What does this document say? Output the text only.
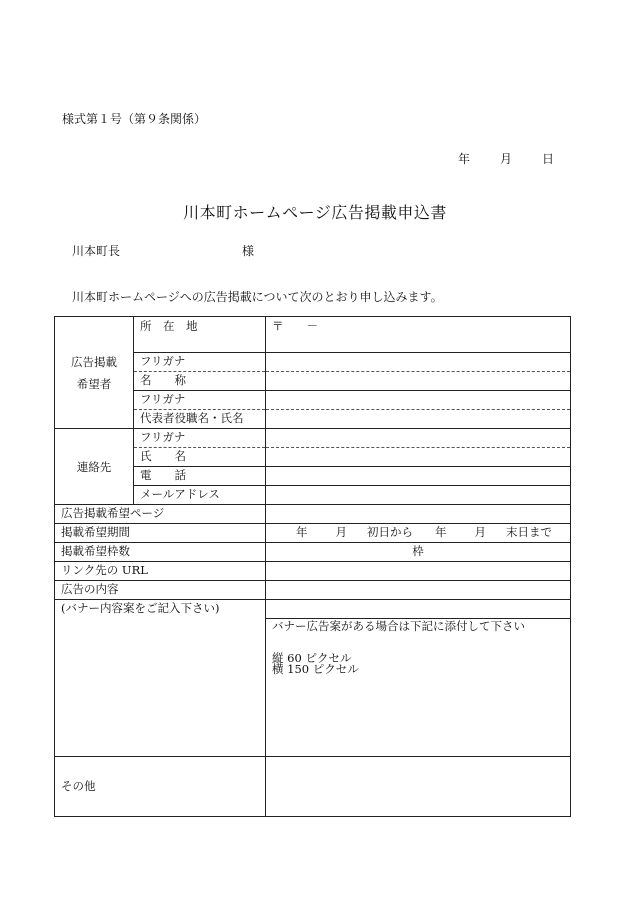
様式第１号（第９条関係）
年	月	日
川本町ホームページ広告掲載申込書
川本町長	様
川本町ホームページへの広告掲載について次のとおり申し込みます。
広告掲載希望者	所　在　地	〒　　－
	フリガナ	
	名　　称	
	フリガナ	
	代表者役職名・氏名	
連絡先	フリガナ	
	氏　　名	
	電　　話	
	メールアドレス	
広告掲載希望ページ		
掲載希望期間		年 月 初日から 年 月 末日まで
掲載希望枠数		枠
リンク先の URL		
広告の内容		
(バナー内容案をご記入下さい)		

		バナー広告案がある場合は下記に添付して下さい
縦 60 ピクセル
横 150 ピクセル

その他		
